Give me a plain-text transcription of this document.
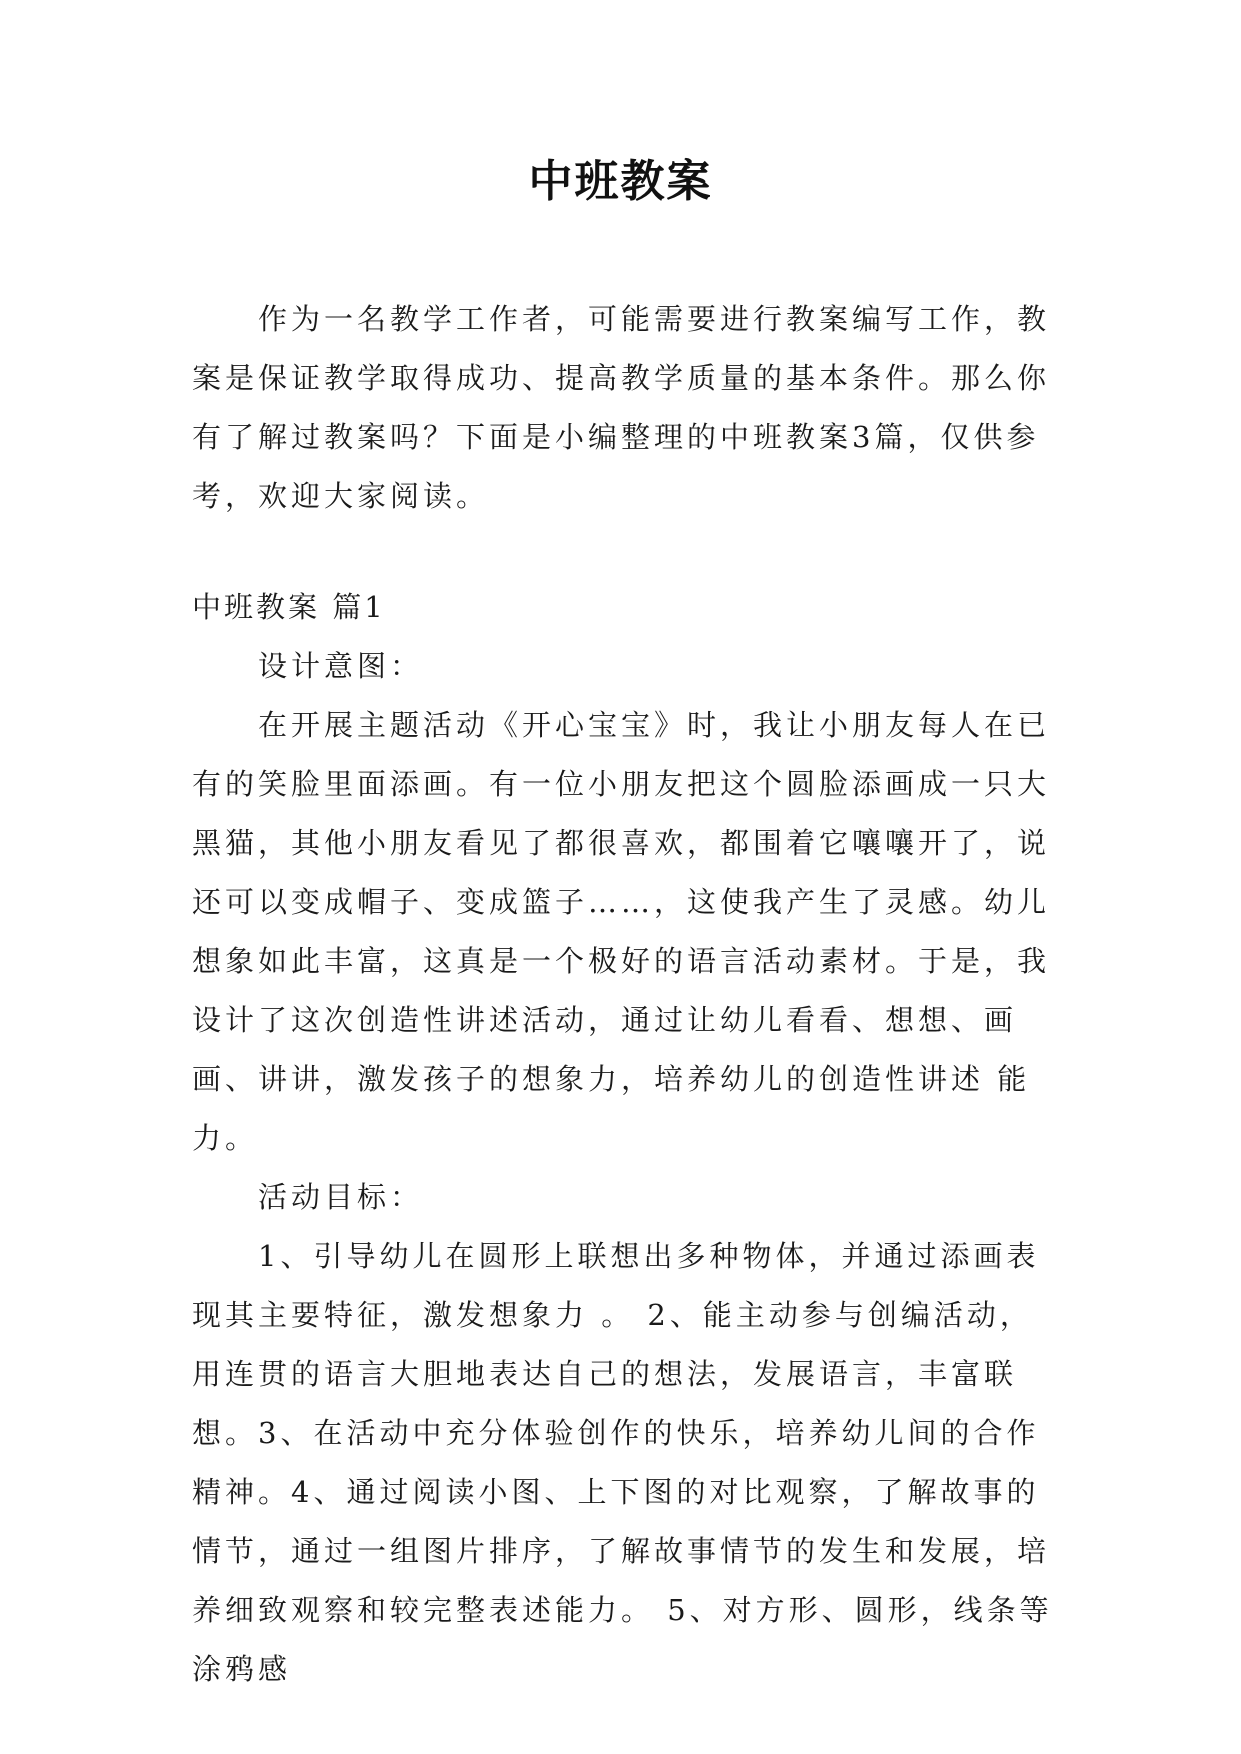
中班教案

作为一名教学工作者，可能需要进行教案编写工作，教案是保证教学取得成功、提高教学质量的基本条件。那么你有了解过教案吗？下面是小编整理的中班教案3篇，仅供参考，欢迎大家阅读。

中班教案 篇1

设计意图：

在开展主题活动《开心宝宝》时，我让小朋友每人在已有的笑脸里面添画。有一位小朋友把这个圆脸添画成一只大黑猫，其他小朋友看见了都很喜欢，都围着它嚷嚷开了，说还可以变成帽子、变成篮子……，这使我产生了灵感。幼儿想象如此丰富，这真是一个极好的语言活动素材。于是，我设计了这次创造性讲述活动，通过让幼儿看看、想想、画画、讲讲，激发孩子的想象力，培养幼儿的创造性讲述 能力。

活动目标：

1、引导幼儿在圆形上联想出多种物体，并通过添画表现其主要特征，激发想象力 。 2、能主动参与创编活动，用连贯的语言大胆地表达自己的想法，发展语言，丰富联想。3、在活动中充分体验创作的快乐，培养幼儿间的合作精神。4、通过阅读小图、上下图的对比观察，了解故事的情节，通过一组图片排序，了解故事情节的发生和发展，培养细致观察和较完整表述能力。 5、对方形、圆形，线条等涂鸦感
